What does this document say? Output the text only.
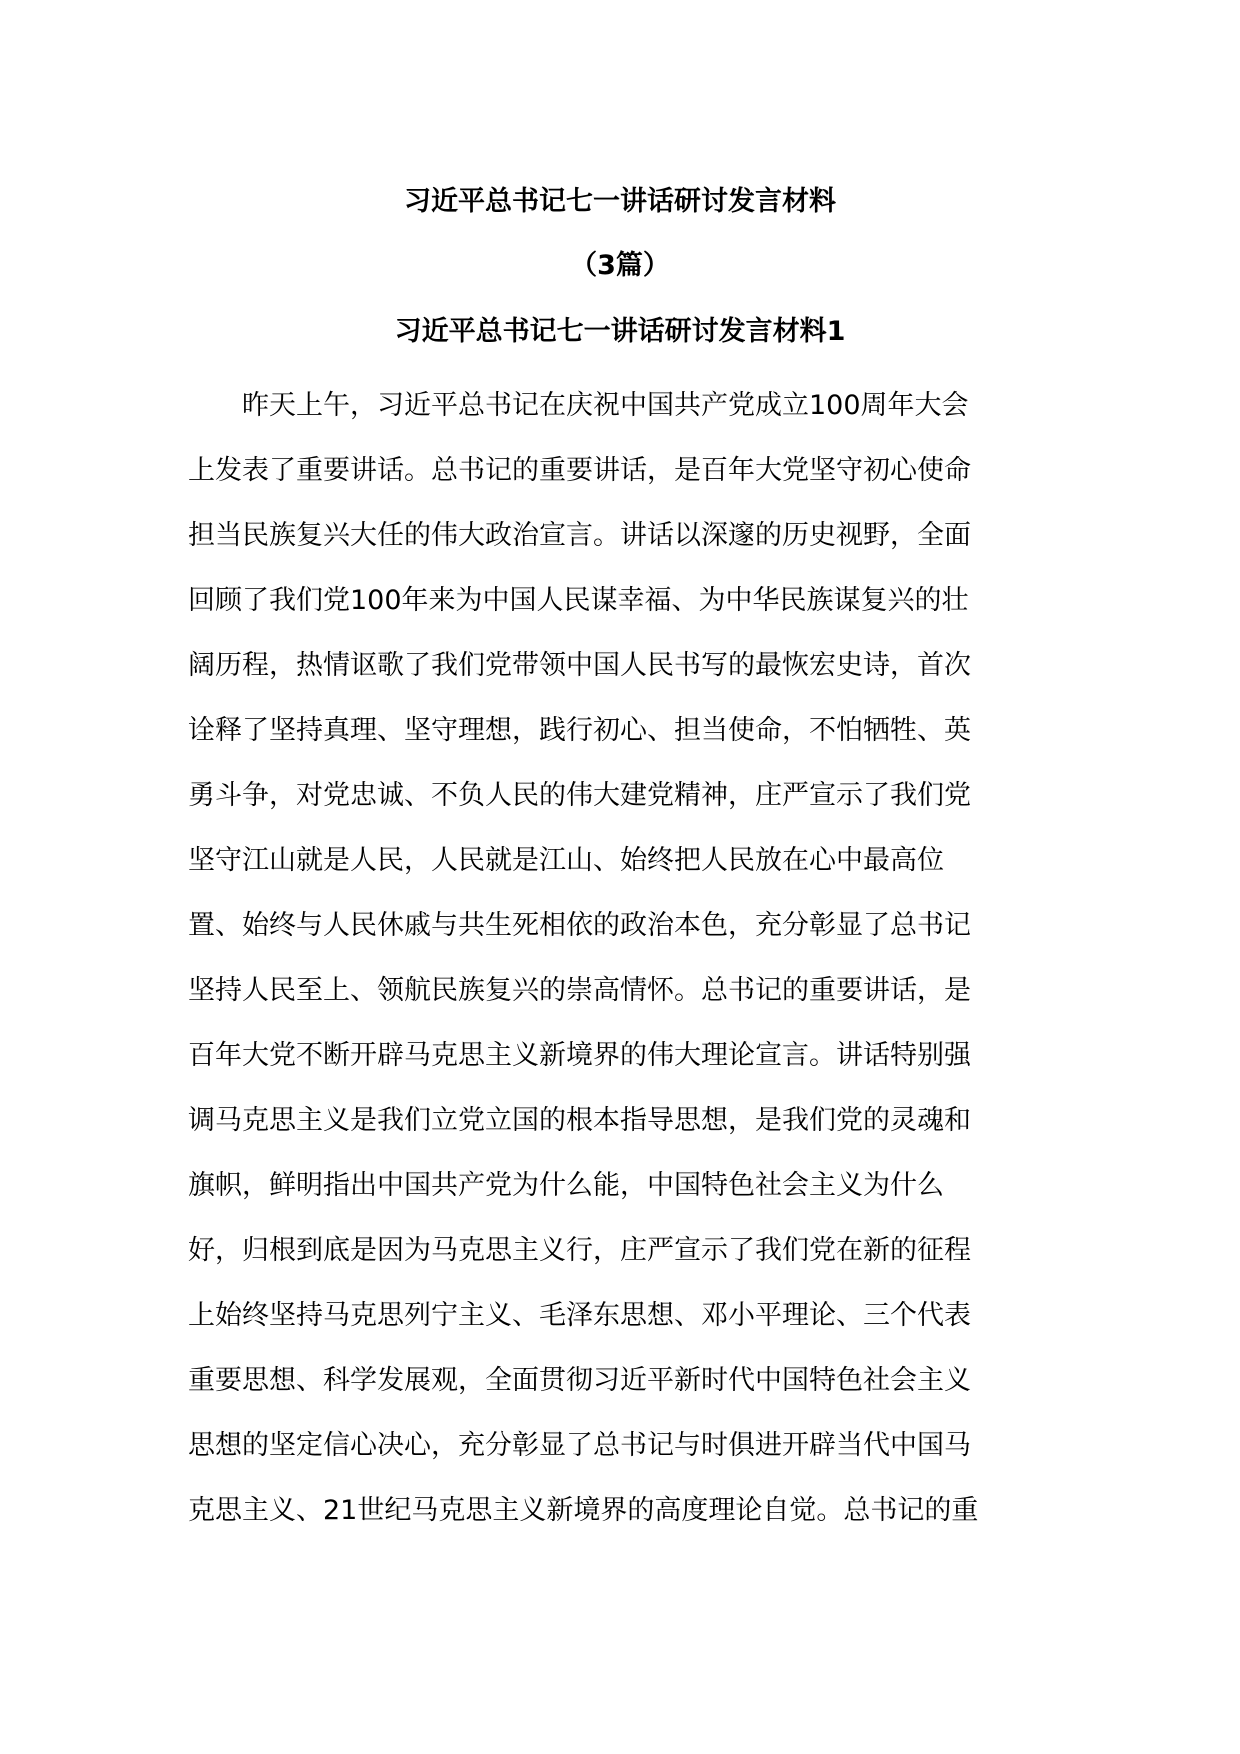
习近平总书记七一讲话研讨发言材料
（3篇）
习近平总书记七一讲话研讨发言材料1
　　昨天上午，习近平总书记在庆祝中国共产党成立100周年大会
上发表了重要讲话。总书记的重要讲话，是百年大党坚守初心使命
担当民族复兴大任的伟大政治宣言。讲话以深邃的历史视野，全面
回顾了我们党100年来为中国人民谋幸福、为中华民族谋复兴的壮
阔历程，热情讴歌了我们党带领中国人民书写的最恢宏史诗，首次
诠释了坚持真理、坚守理想，践行初心、担当使命，不怕牺牲、英
勇斗争，对党忠诚、不负人民的伟大建党精神，庄严宣示了我们党
坚守江山就是人民，人民就是江山、始终把人民放在心中最高位
置、始终与人民休戚与共生死相依的政治本色，充分彰显了总书记
坚持人民至上、领航民族复兴的崇高情怀。总书记的重要讲话，是
百年大党不断开辟马克思主义新境界的伟大理论宣言。讲话特别强
调马克思主义是我们立党立国的根本指导思想，是我们党的灵魂和
旗帜，鲜明指出中国共产党为什么能，中国特色社会主义为什么
好，归根到底是因为马克思主义行，庄严宣示了我们党在新的征程
上始终坚持马克思列宁主义、毛泽东思想、邓小平理论、三个代表
重要思想、科学发展观，全面贯彻习近平新时代中国特色社会主义
思想的坚定信心决心，充分彰显了总书记与时俱进开辟当代中国马
克思主义、21世纪马克思主义新境界的高度理论自觉。总书记的重
